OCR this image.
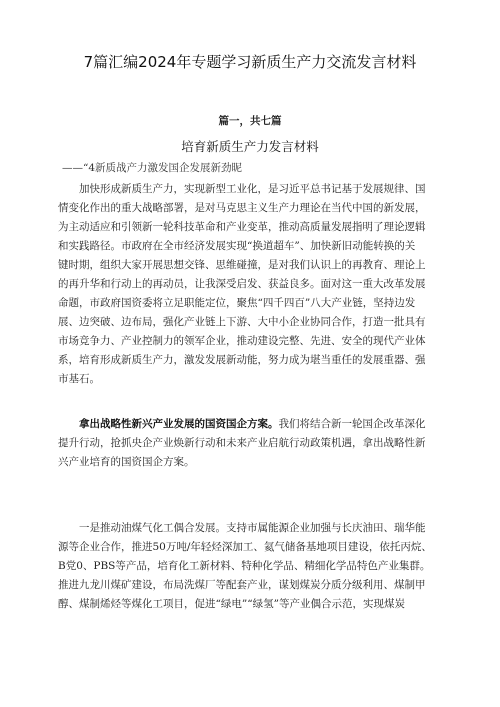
7篇汇编2024年专题学习新质生产力交流发言材料
篇一，共七篇
培育新质生产力发言材料
——“4新质战产力激发国企发展新劲昵
加快形成新质生产力，实现新型工业化，是习近平总书记基于发展规律、国
情变化作出的重大战略部署，是对马克思主义生产力理论在当代中国的新发展，
为主动适应和引领新一轮科技革命和产业变革，推动高质量发展指明了理论逻辑
和实践路径。市政府在全市经济发展实现“换道超车”、加快新旧动能转换的关
键时期，组织大家开展思想交锋、思维碰撞，是对我们认识上的再教育、理论上
的再升华和行动上的再动员，让我深受启发、获益良多。面对这一重大改革发展
命题，市政府国资委将立足职能定位，聚焦“四千四百”八大产业链，坚持边发
展、边突破、边布局，强化产业链上下游、大中小企业协同合作，打造一批具有
市场竞争力、产业控制力的领军企业，推动建设完整、先进、安全的现代产业体
系，培育形成新质生产力，激发发展新动能，努力成为堪当重任的发展重器、强
市基石。
拿出战略性新兴产业发展的国资国企方案。我们将结合新一轮国企改革深化
提升行动，抢抓央企产业焕新行动和未来产业启航行动政策机遇，拿出战略性新
兴产业培育的国资国企方案。
一是推动油煤气化工偶合发展。支持市属能源企业加强与长庆油田、瑞华能
源等企业合作，推进50万吨/年轻烃深加工、氦气储备基地项目建设，依托丙烷、
B党0、PBS等产品，培育化工新材料、特种化学品、精细化学品特色产业集群。
推进九龙川煤矿建设，布局洗煤厂等配套产业，谋划煤炭分质分级利用、煤制甲
醇、煤制烯烃等煤化工项目，促进“绿电”“绿氢”等产业偶合示范，实现煤炭
